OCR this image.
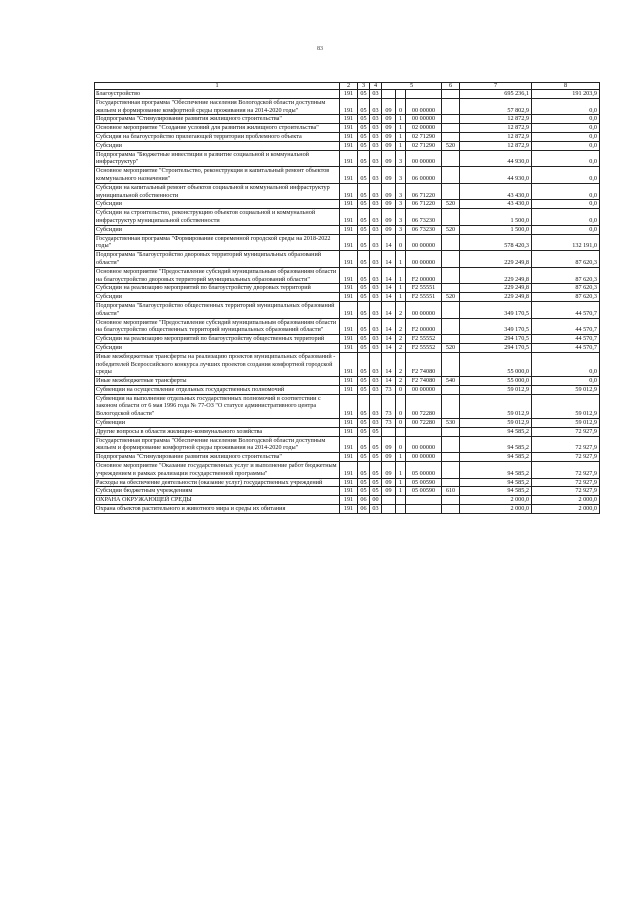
83
1	2	3	4	5			6	7	8
Благоустройство	191	05	03					695 236,1	191 203,9
Государственная программа "Обеспечение населения Вологодской области доступным жильем и формирование комфортной среды проживания на 2014-2020 годы"	191	05	03	09	0	00 00000		57 802,9	0,0
Подпрограмма "Стимулирование развития жилищного строительства"	191	05	03	09	1	00 00000		12 872,9	0,0
Основное мероприятие "Создание условий для развития жилищного строительства"	191	05	03	09	1	02 00000		12 872,9	0,0
Субсидия на благоустройство прилегающей территории проблемного объекта	191	05	03	09	1	02 71290		12 872,9	0,0
Субсидии	191	05	03	09	1	02 71290	520	12 872,9	0,0
Подпрограмма "Бюджетные инвестиции в развитие социальной и коммунальной инфраструктур"	191	05	03	09	3	00 00000		44 930,0	0,0
Основное мероприятие "Строительство, реконструкция и капитальный ремонт объектов коммунального назначения"	191	05	03	09	3	06 00000		44 930,0	0,0
Субсидии на капитальный ремонт объектов социальной и коммунальной инфраструктур муниципальной собственности	191	05	03	09	3	06 71220		43 430,0	0,0
Субсидии	191	05	03	09	3	06 71220	520	43 430,0	0,0
Субсидии на строительство, реконструкцию объектов социальной и коммунальной инфраструктур муниципальной собственности	191	05	03	09	3	06 73230		1 500,0	0,0
Субсидии	191	05	03	09	3	06 73230	520	1 500,0	0,0
Государственная программа "Формирование современной городской среды на 2018-2022 годы"	191	05	03	14	0	00 00000		578 420,3	132 191,0
Подпрограмма "Благоустройство дворовых территорий муниципальных образований области"	191	05	03	14	1	00 00000		229 249,8	87 620,3
Основное мероприятие "Предоставление субсидий муниципальным образованиям области на благоустройство дворовых территорий муниципальных образований области"	191	05	03	14	1	F2 00000		229 249,8	87 620,3
Субсидии на реализацию мероприятий по благоустройству дворовых территорий	191	05	03	14	1	F2 55551		229 249,8	87 620,3
Субсидии	191	05	03	14	1	F2 55551	520	229 249,8	87 620,3
Подпрограмма "Благоустройство общественных территорий муниципальных образований области"	191	05	03	14	2	00 00000		349 170,5	44 570,7
Основное мероприятие "Предоставление субсидий муниципальным образованиям области на благоустройство общественных территорий муниципальных образований области"	191	05	03	14	2	F2 00000		349 170,5	44 570,7
Субсидии на реализацию мероприятий по благоустройству общественных территорий	191	05	03	14	2	F2 55552		294 170,5	44 570,7
Субсидии	191	05	03	14	2	F2 55552	520	294 170,5	44 570,7
Иные межбюджетные трансферты на реализацию проектов муниципальных образований - победителей Всероссийского конкурса лучших проектов создания комфортной городской среды	191	05	03	14	2	F2 74080		55 000,0	0,0
Иные межбюджетные трансферты	191	05	03	14	2	F2 74080	540	55 000,0	0,0
Субвенции на осуществление отдельных государственных полномочий	191	05	03	73	0	00 00000		59 012,9	59 012,9
Субвенция на выполнение отдельных государственных полномочий в соответствии с законом области от 6 мая 1996 года № 77-ОЗ "О статусе административного центра Вологодской области"	191	05	03	73	0	00 72280		59 012,9	59 012,9
Субвенции	191	05	03	73	0	00 72280	530	59 012,9	59 012,9
Другие вопросы в области жилищно-коммунального хозяйства	191	05	05					94 585,2	72 927,9
Государственная программа "Обеспечение населения Вологодской области доступным жильем и формирование комфортной среды проживания на 2014-2020 годы"	191	05	05	09	0	00 00000		94 585,2	72 927,9
Подпрограмма "Стимулирование развития жилищного строительства"	191	05	05	09	1	00 00000		94 585,2	72 927,9
Основное мероприятие "Оказание государственных услуг и выполнение работ бюджетным учреждением в рамках реализации государственной программы"	191	05	05	09	1	05 00000		94 585,2	72 927,9
Расходы на обеспечение деятельности (оказание услуг) государственных учреждений	191	05	05	09	1	05 00590		94 585,2	72 927,9
Субсидии бюджетным учреждениям	191	05	05	09	1	05 00590	610	94 585,2	72 927,9
ОХРАНА ОКРУЖАЮЩЕЙ СРЕДЫ	191	06	00					2 000,0	2 000,0
Охрана объектов растительного и животного мира и среды их обитания	191	06	03					2 000,0	2 000,0
